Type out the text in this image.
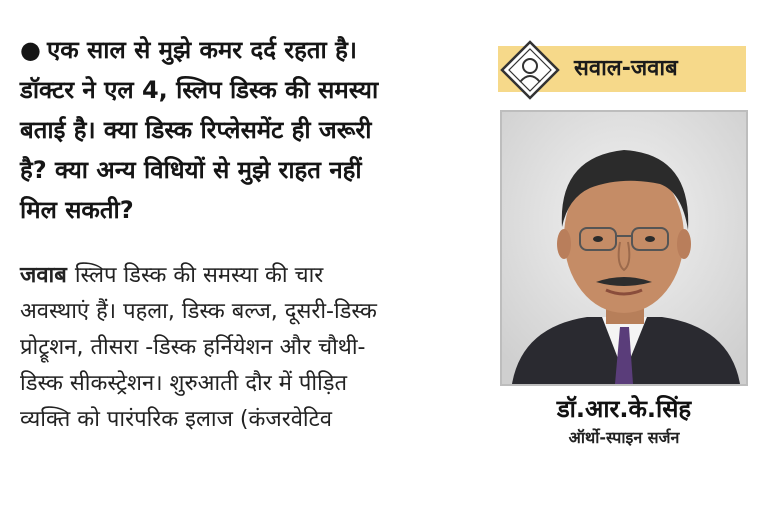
● एक साल से मुझे कमर दर्द रहता है।
डॉक्टर ने एल 4, स्लिप डिस्क की समस्या
बताई है। क्या डिस्क रिप्लेसमेंट ही जरूरी
है? क्या अन्य विधियों से मुझे राहत नहीं
मिल सकती?
जवाब स्लिप डिस्क की समस्या की चार
अवस्थाएं हैं। पहला, डिस्क बल्ज, दूसरी-डिस्क
प्रोट्रूशन, तीसरा -डिस्क हर्नियेशन और चौथी-
डिस्क सीकस्ट्रेशन। शुरुआती दौर में पीड़ित
व्यक्ति को पारंपरिक इलाज (कंजरवेटिव
सवाल-जवाब
डॉ.आर.के.सिंह
ऑर्थो-स्पाइन सर्जन
